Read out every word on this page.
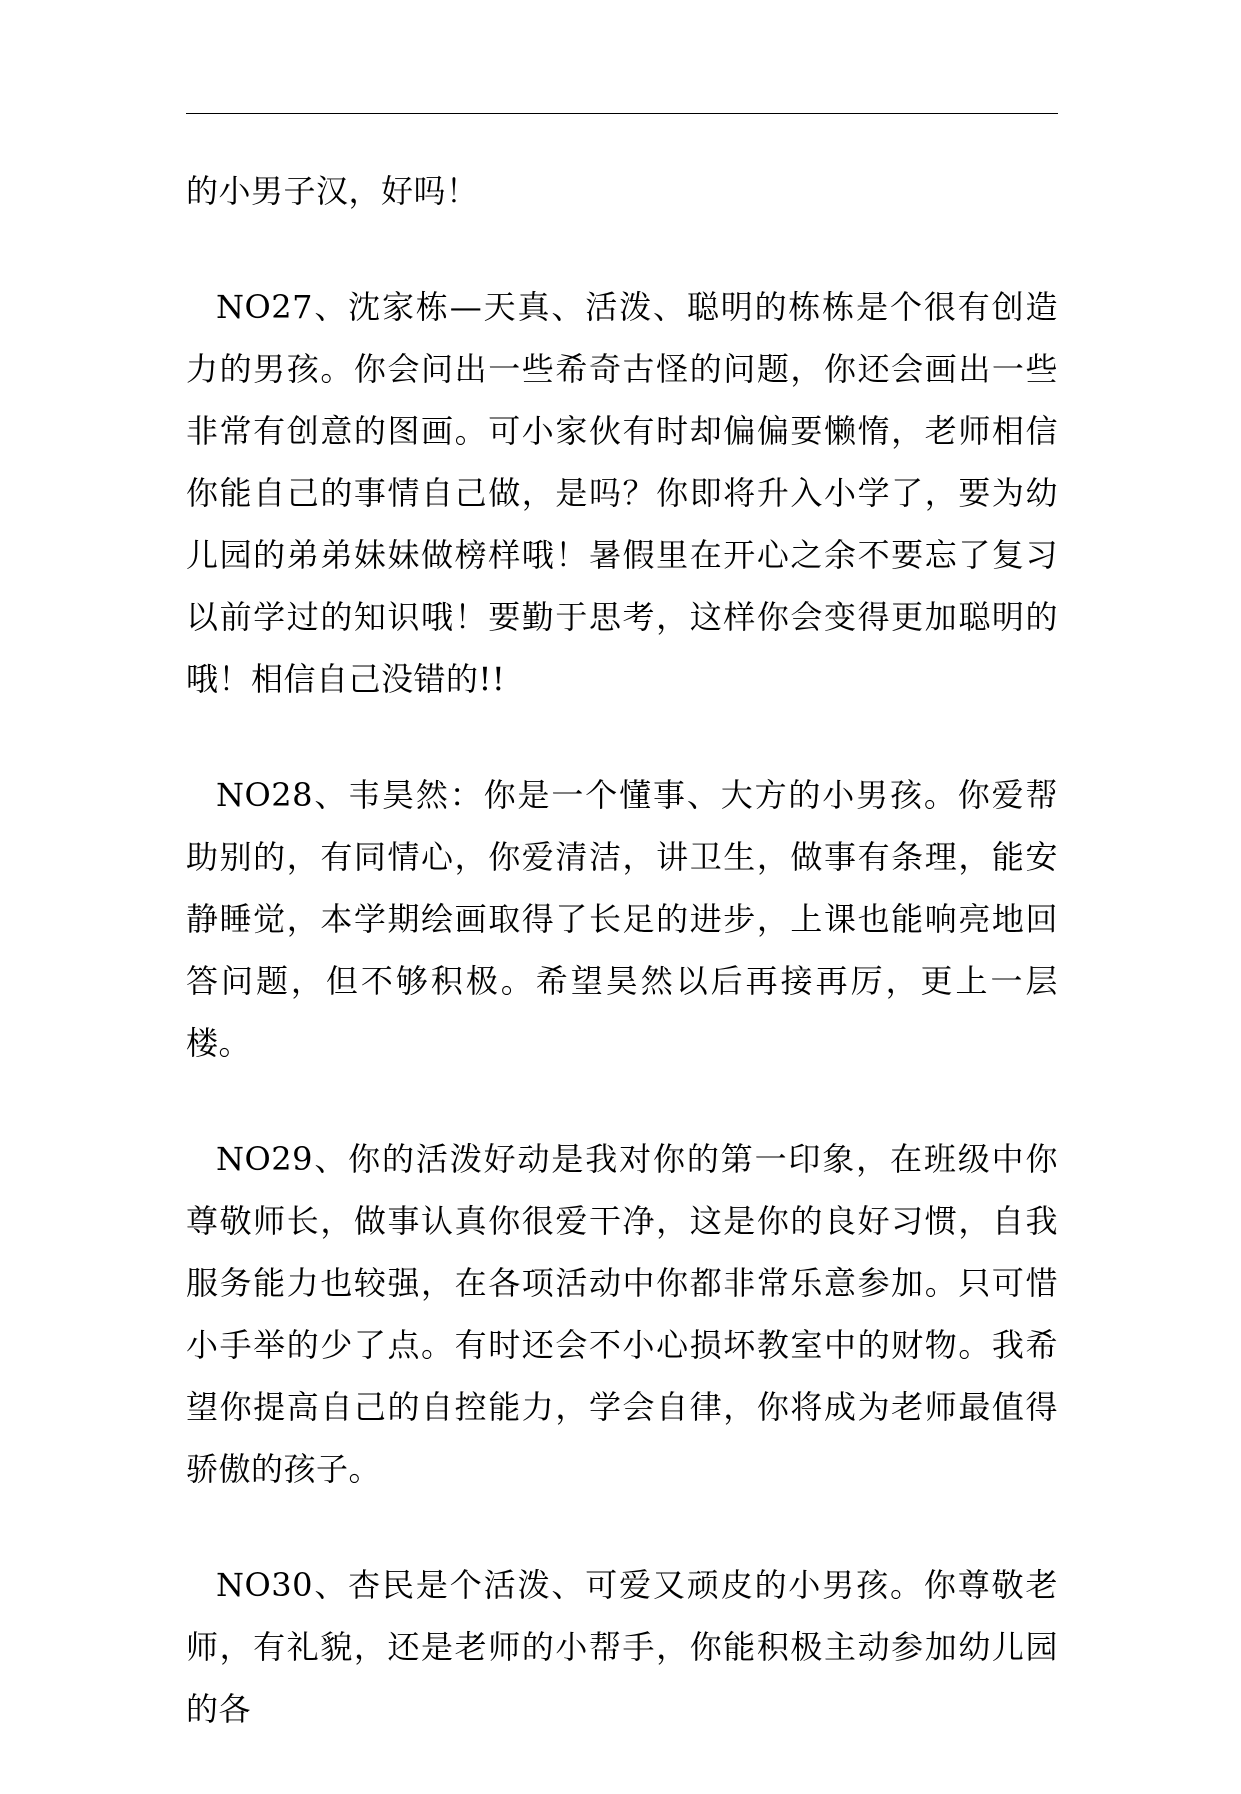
的小男子汉，好吗！

NO27、沈家栋—天真、活泼、聪明的栋栋是个很有创造力的男孩。你会问出一些希奇古怪的问题，你还会画出一些非常有创意的图画。可小家伙有时却偏偏要懒惰，老师相信你能自己的事情自己做，是吗？你即将升入小学了，要为幼儿园的弟弟妹妹做榜样哦！暑假里在开心之余不要忘了复习以前学过的知识哦！要勤于思考，这样你会变得更加聪明的哦！相信自己没错的!!

NO28、韦昊然：你是一个懂事、大方的小男孩。你爱帮助别的，有同情心，你爱清洁，讲卫生，做事有条理，能安静睡觉，本学期绘画取得了长足的进步，上课也能响亮地回答问题，但不够积极。希望昊然以后再接再厉，更上一层楼。

NO29、你的活泼好动是我对你的第一印象，在班级中你尊敬师长，做事认真你很爱干净，这是你的良好习惯，自我服务能力也较强，在各项活动中你都非常乐意参加。只可惜小手举的少了点。有时还会不小心损坏教室中的财物。我希望你提高自己的自控能力，学会自律，你将成为老师最值得骄傲的孩子。

NO30、杏民是个活泼、可爱又顽皮的小男孩。你尊敬老师，有礼貌，还是老师的小帮手，你能积极主动参加幼儿园的各
